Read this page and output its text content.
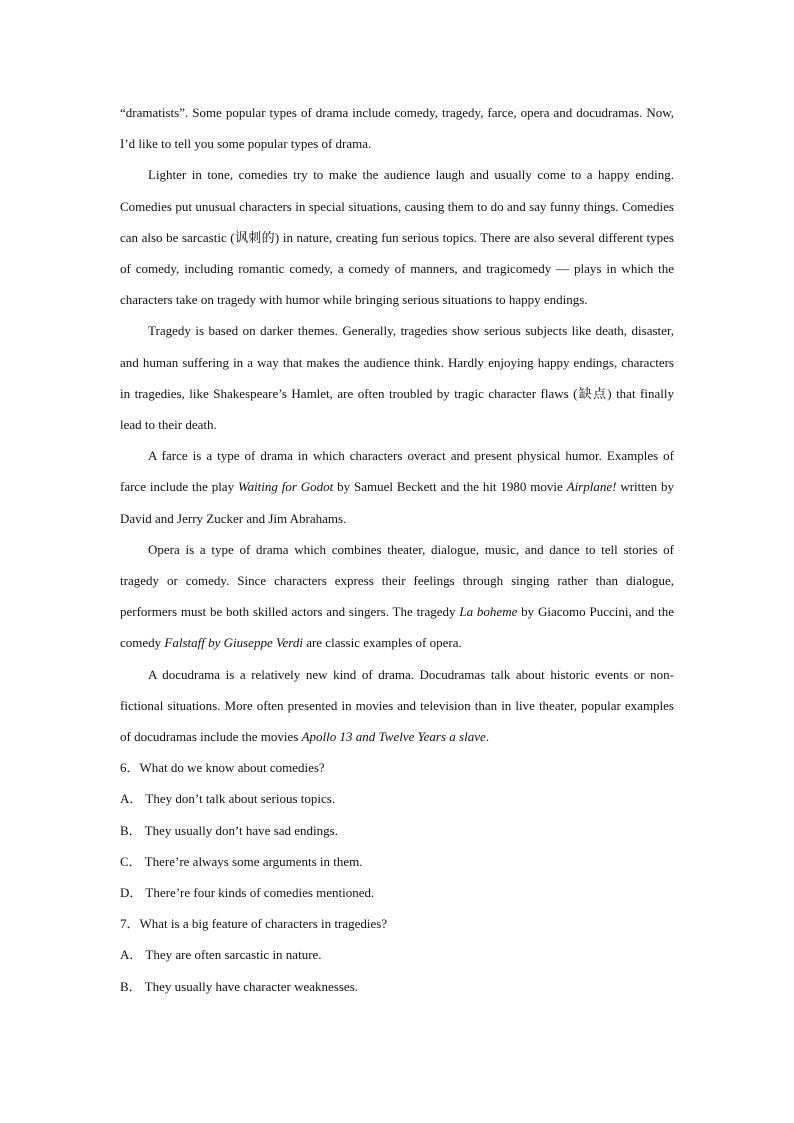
“dramatists”. Some popular types of drama include comedy, tragedy, farce, opera and docudramas. Now, I’d like to tell you some popular types of drama.

Lighter in tone, comedies try to make the audience laugh and usually come to a happy ending. Comedies put unusual characters in special situations, causing them to do and say funny things. Comedies can also be sarcastic (讽刺的) in nature, creating fun serious topics. There are also several different types of comedy, including romantic comedy, a comedy of manners, and tragicomedy — plays in which the characters take on tragedy with humor while bringing serious situations to happy endings.

Tragedy is based on darker themes. Generally, tragedies show serious subjects like death, disaster, and human suffering in a way that makes the audience think. Hardly enjoying happy endings, characters in tragedies, like Shakespeare’s Hamlet, are often troubled by tragic character flaws (缺点) that finally lead to their death.

A farce is a type of drama in which characters overact and present physical humor. Examples of farce include the play Waiting for Godot by Samuel Beckett and the hit 1980 movie Airplane! written by David and Jerry Zucker and Jim Abrahams.

Opera is a type of drama which combines theater, dialogue, music, and dance to tell stories of tragedy or comedy. Since characters express their feelings through singing rather than dialogue, performers must be both skilled actors and singers. The tragedy La boheme by Giacomo Puccini, and the comedy Falstaff by Giuseppe Verdi are classic examples of opera.

A docudrama is a relatively new kind of drama. Docudramas talk about historic events or non-fictional situations. More often presented in movies and television than in live theater, popular examples of docudramas include the movies Apollo 13 and Twelve Years a slave.

6．What do we know about comedies?

A． They don’t talk about serious topics.

B． They usually don’t have sad endings.

C． There’re always some arguments in them.

D． There’re four kinds of comedies mentioned.

7．What is a big feature of characters in tragedies?

A． They are often sarcastic in nature.

B． They usually have character weaknesses.
